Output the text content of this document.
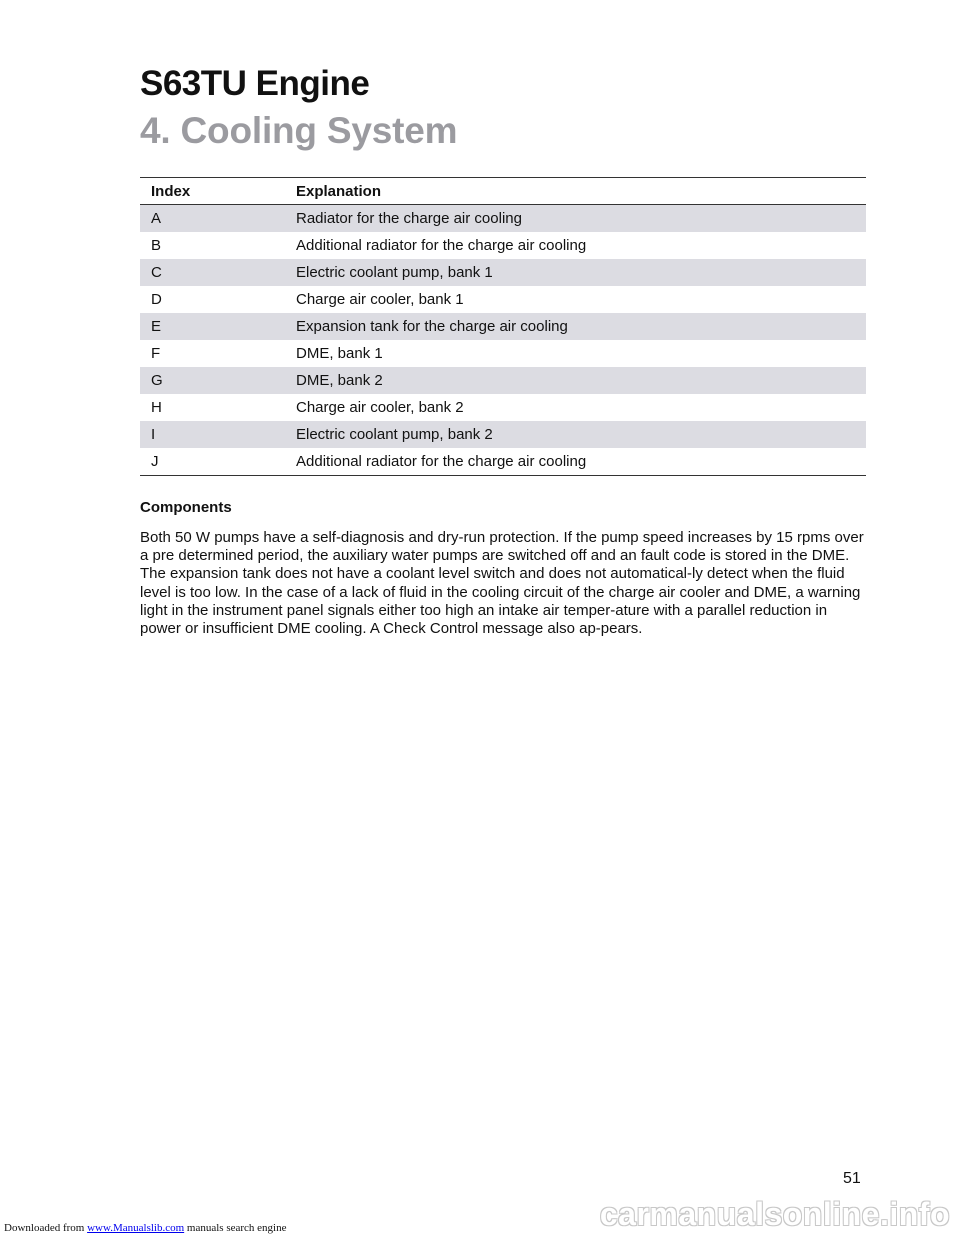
S63TU Engine
4. Cooling System
Index	Explanation
A	Radiator for the charge air cooling
B	Additional radiator for the charge air cooling
C	Electric coolant pump, bank 1
D	Charge air cooler, bank 1
E	Expansion tank for the charge air cooling
F	DME, bank 1
G	DME, bank 2
H	Charge air cooler, bank 2
I	Electric coolant pump, bank 2
J	Additional radiator for the charge air cooling
Components

Both 50 W pumps have a self-diagnosis and dry-run protection. If the pump speed increases by 15 rpms over a pre determined period, the auxiliary water pumps are switched off and an fault code is stored in the DME. The expansion tank does not have a coolant level switch and does not automatical-ly detect when the fluid level is too low. In the case of a lack of fluid in the cooling circuit of the charge air cooler and DME, a warning light in the instrument panel signals either too high an intake air temper-ature with a parallel reduction in power or insufficient DME cooling. A Check Control message also ap-pears.

51
Downloaded from www.Manualslib.com manuals search engine	carmanualsonline.info
